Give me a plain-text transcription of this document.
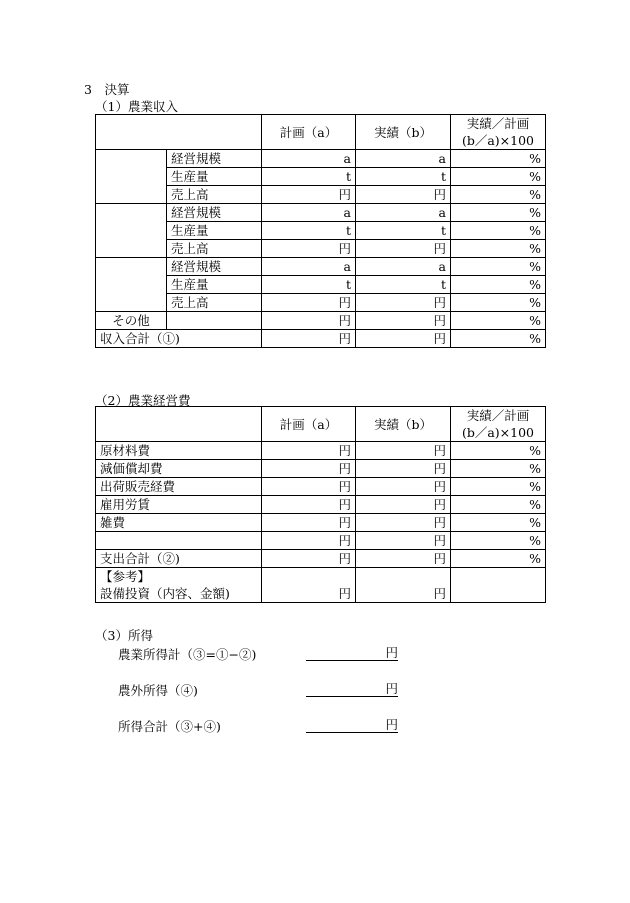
3　決算
（1）農業収入
		計画（a）	実績（b）	実績／計画
(b／a)×100

	経営規模	a	a	%
	生産量	t	t	%
	売上高	円	円	%
	経営規模	a	a	%
	生産量	t	t	%
	売上高	円	円	%
	経営規模	a	a	%
	生産量	t	t	%
	売上高	円	円	%
その他		円	円	%
収入合計（①)		円	円	%
（2）農業経営費
	計画（a）	実績（b）	実績／計画
(b／a)×100

原材料費	円	円	%
減価償却費	円	円	%
出荷販売経費	円	円	%
雇用労賃	円	円	%
雑費	円	円	%
	円	円	%
支出合計（②)	円	円	%

【参考】
設備投資（内容、金額)	円	円	
（3）所得
農業所得計（③=①−②)	円
農外所得（④)	円
所得合計（③+④)	円
